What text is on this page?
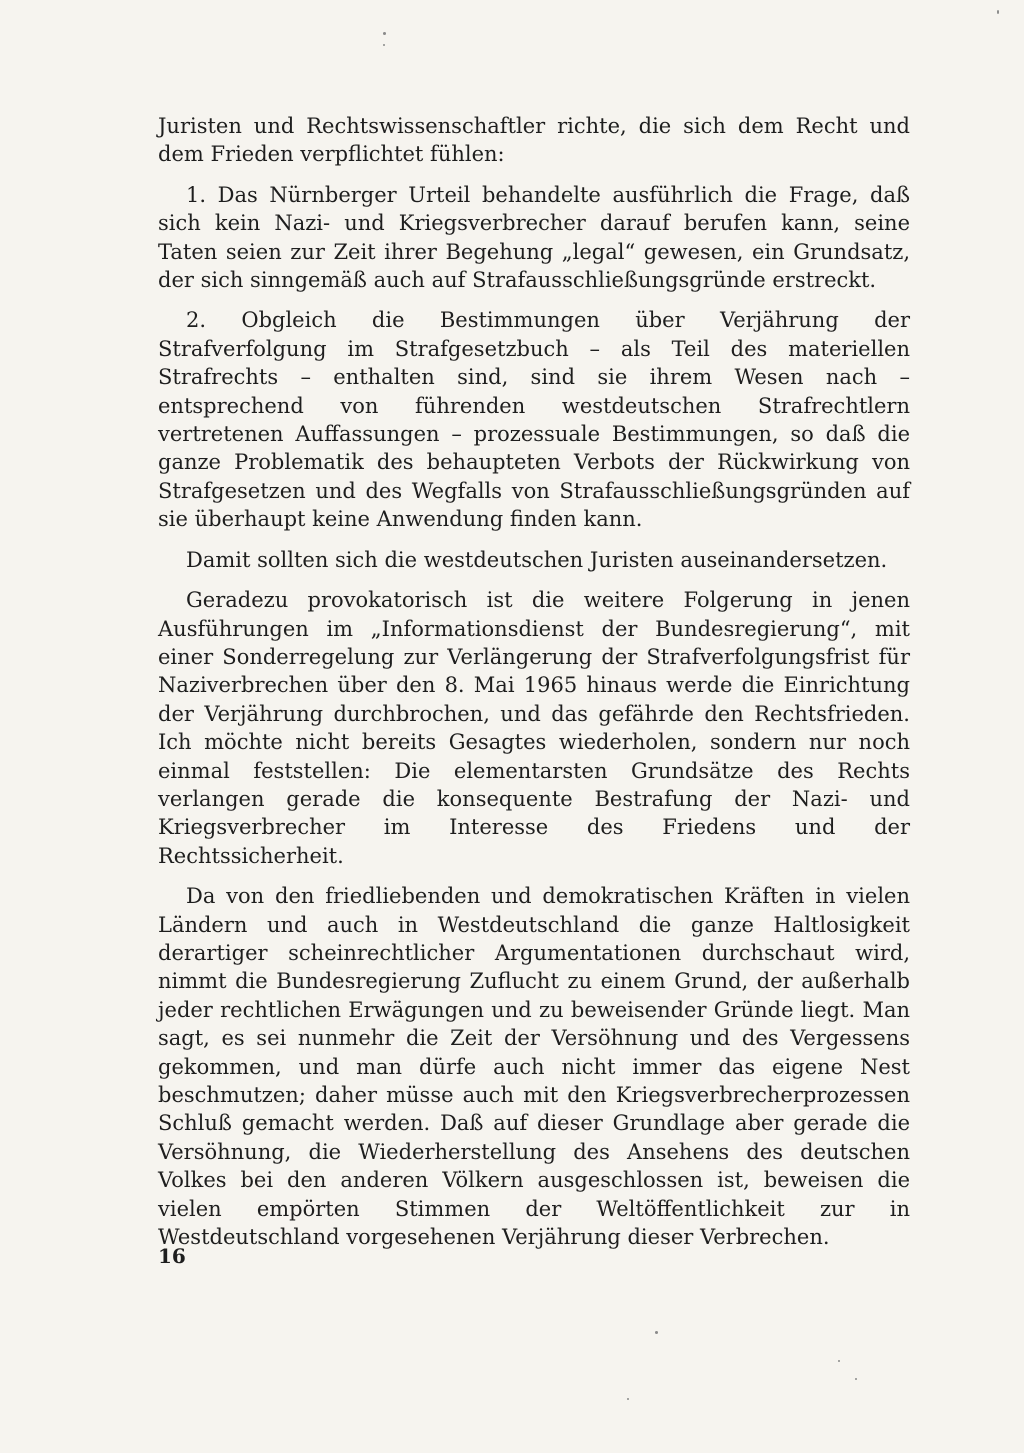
Juristen und Rechtswissenschaftler richte, die sich dem Recht und dem Frieden verpflichtet fühlen:

1. Das Nürnberger Urteil behandelte ausführlich die Frage, daß sich kein Nazi- und Kriegsverbrecher darauf berufen kann, seine Taten seien zur Zeit ihrer Begehung „legal“ gewesen, ein Grundsatz, der sich sinngemäß auch auf Strafausschließungsgründe erstreckt.

2. Obgleich die Bestimmungen über Verjährung der Strafverfolgung im Strafgesetzbuch – als Teil des materiellen Strafrechts – enthalten sind, sind sie ihrem Wesen nach – entsprechend von führenden westdeutschen Strafrechtlern vertretenen Auffassungen – prozessuale Bestimmungen, so daß die ganze Problematik des behaupteten Verbots der Rückwirkung von Strafgesetzen und des Wegfalls von Strafausschließungsgründen auf sie überhaupt keine Anwendung finden kann.

Damit sollten sich die westdeutschen Juristen auseinandersetzen.

Geradezu provokatorisch ist die weitere Folgerung in jenen Ausführungen im „Informationsdienst der Bundesregierung“, mit einer Sonderregelung zur Verlängerung der Strafverfolgungsfrist für Naziverbrechen über den 8. Mai 1965 hinaus werde die Einrichtung der Verjährung durchbrochen, und das gefährde den Rechtsfrieden. Ich möchte nicht bereits Gesagtes wiederholen, sondern nur noch einmal feststellen: Die elementarsten Grundsätze des Rechts verlangen gerade die konsequente Bestrafung der Nazi- und Kriegsverbrecher im Interesse des Friedens und der Rechtssicherheit.

Da von den friedliebenden und demokratischen Kräften in vielen Ländern und auch in Westdeutschland die ganze Haltlosigkeit derartiger scheinrechtlicher Argumentationen durchschaut wird, nimmt die Bundesregierung Zuflucht zu einem Grund, der außerhalb jeder rechtlichen Erwägungen und zu beweisender Gründe liegt. Man sagt, es sei nunmehr die Zeit der Versöhnung und des Vergessens gekommen, und man dürfe auch nicht immer das eigene Nest beschmutzen; daher müsse auch mit den Kriegsverbrecherprozessen Schluß gemacht werden. Daß auf dieser Grundlage aber gerade die Versöhnung, die Wiederherstellung des Ansehens des deutschen Volkes bei den anderen Völkern ausgeschlossen ist, beweisen die vielen empörten Stimmen der Weltöffentlichkeit zur in Westdeutschland vorgesehenen Verjährung dieser Verbrechen.

16
